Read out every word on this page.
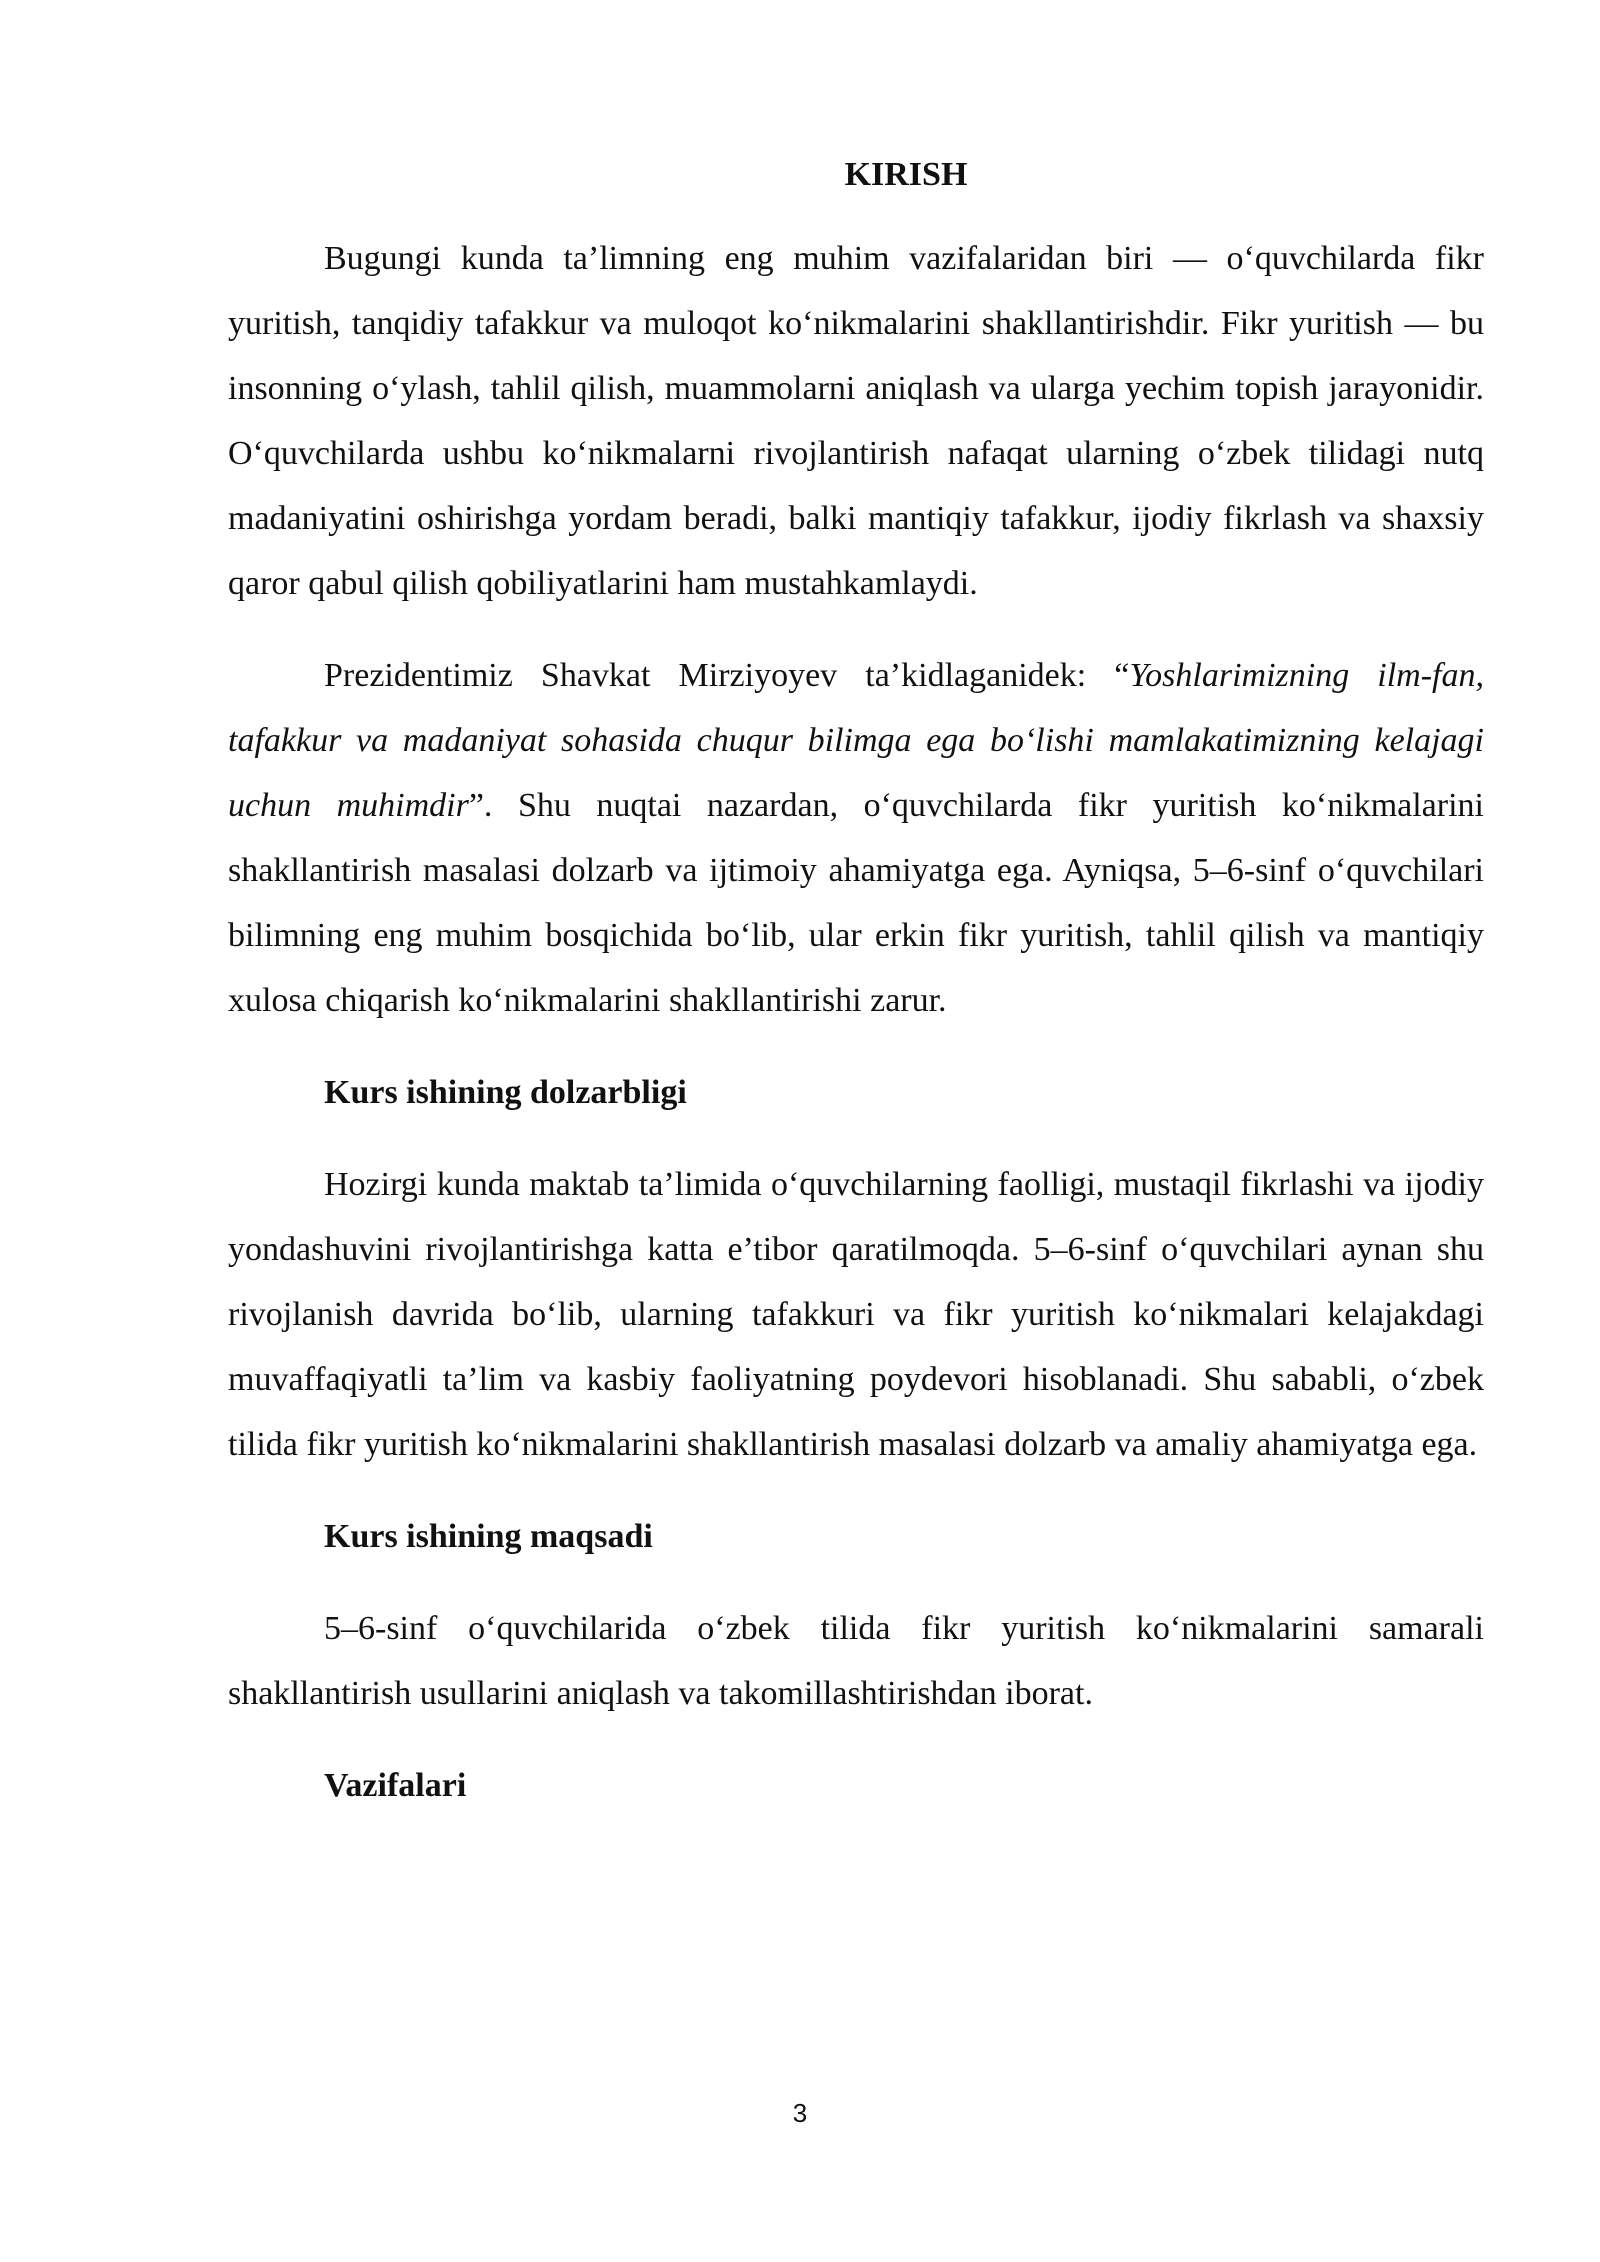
KIRISH

Bugungi kunda ta’limning eng muhim vazifalaridan biri — o‘quvchilarda fikr yuritish, tanqidiy tafakkur va muloqot ko‘nikmalarini shakllantirishdir. Fikr yuritish — bu insonning o‘ylash, tahlil qilish, muammolarni aniqlash va ularga yechim topish jarayonidir. O‘quvchilarda ushbu ko‘nikmalarni rivojlantirish nafaqat ularning o‘zbek tilidagi nutq madaniyatini oshirishga yordam beradi, balki mantiqiy tafakkur, ijodiy fikrlash va shaxsiy qaror qabul qilish qobiliyatlarini ham mustahkamlaydi.

Prezidentimiz Shavkat Mirziyoyev ta’kidlaganidek: “Yoshlarimizning ilm-fan, tafakkur va madaniyat sohasida chuqur bilimga ega bo‘lishi mamlakatimizning kelajagi uchun muhimdir”. Shu nuqtai nazardan, o‘quvchilarda fikr yuritish ko‘nikmalarini shakllantirish masalasi dolzarb va ijtimoiy ahamiyatga ega. Ayniqsa, 5–6-sinf o‘quvchilari bilimning eng muhim bosqichida bo‘lib, ular erkin fikr yuritish, tahlil qilish va mantiqiy xulosa chiqarish ko‘nikmalarini shakllantirishi zarur.

Kurs ishining dolzarbligi

Hozirgi kunda maktab ta’limida o‘quvchilarning faolligi, mustaqil fikrlashi va ijodiy yondashuvini rivojlantirishga katta e’tibor qaratilmoqda. 5–6-sinf o‘quvchilari aynan shu rivojlanish davrida bo‘lib, ularning tafakkuri va fikr yuritish ko‘nikmalari kelajakdagi muvaffaqiyatli ta’lim va kasbiy faoliyatning poydevori hisoblanadi. Shu sababli, o‘zbek tilida fikr yuritish ko‘nikmalarini shakllantirish masalasi dolzarb va amaliy ahamiyatga ega.

Kurs ishining maqsadi

5–6-sinf o‘quvchilarida o‘zbek tilida fikr yuritish ko‘nikmalarini samarali shakllantirish usullarini aniqlash va takomillashtirishdan iborat.

Vazifalari
3
